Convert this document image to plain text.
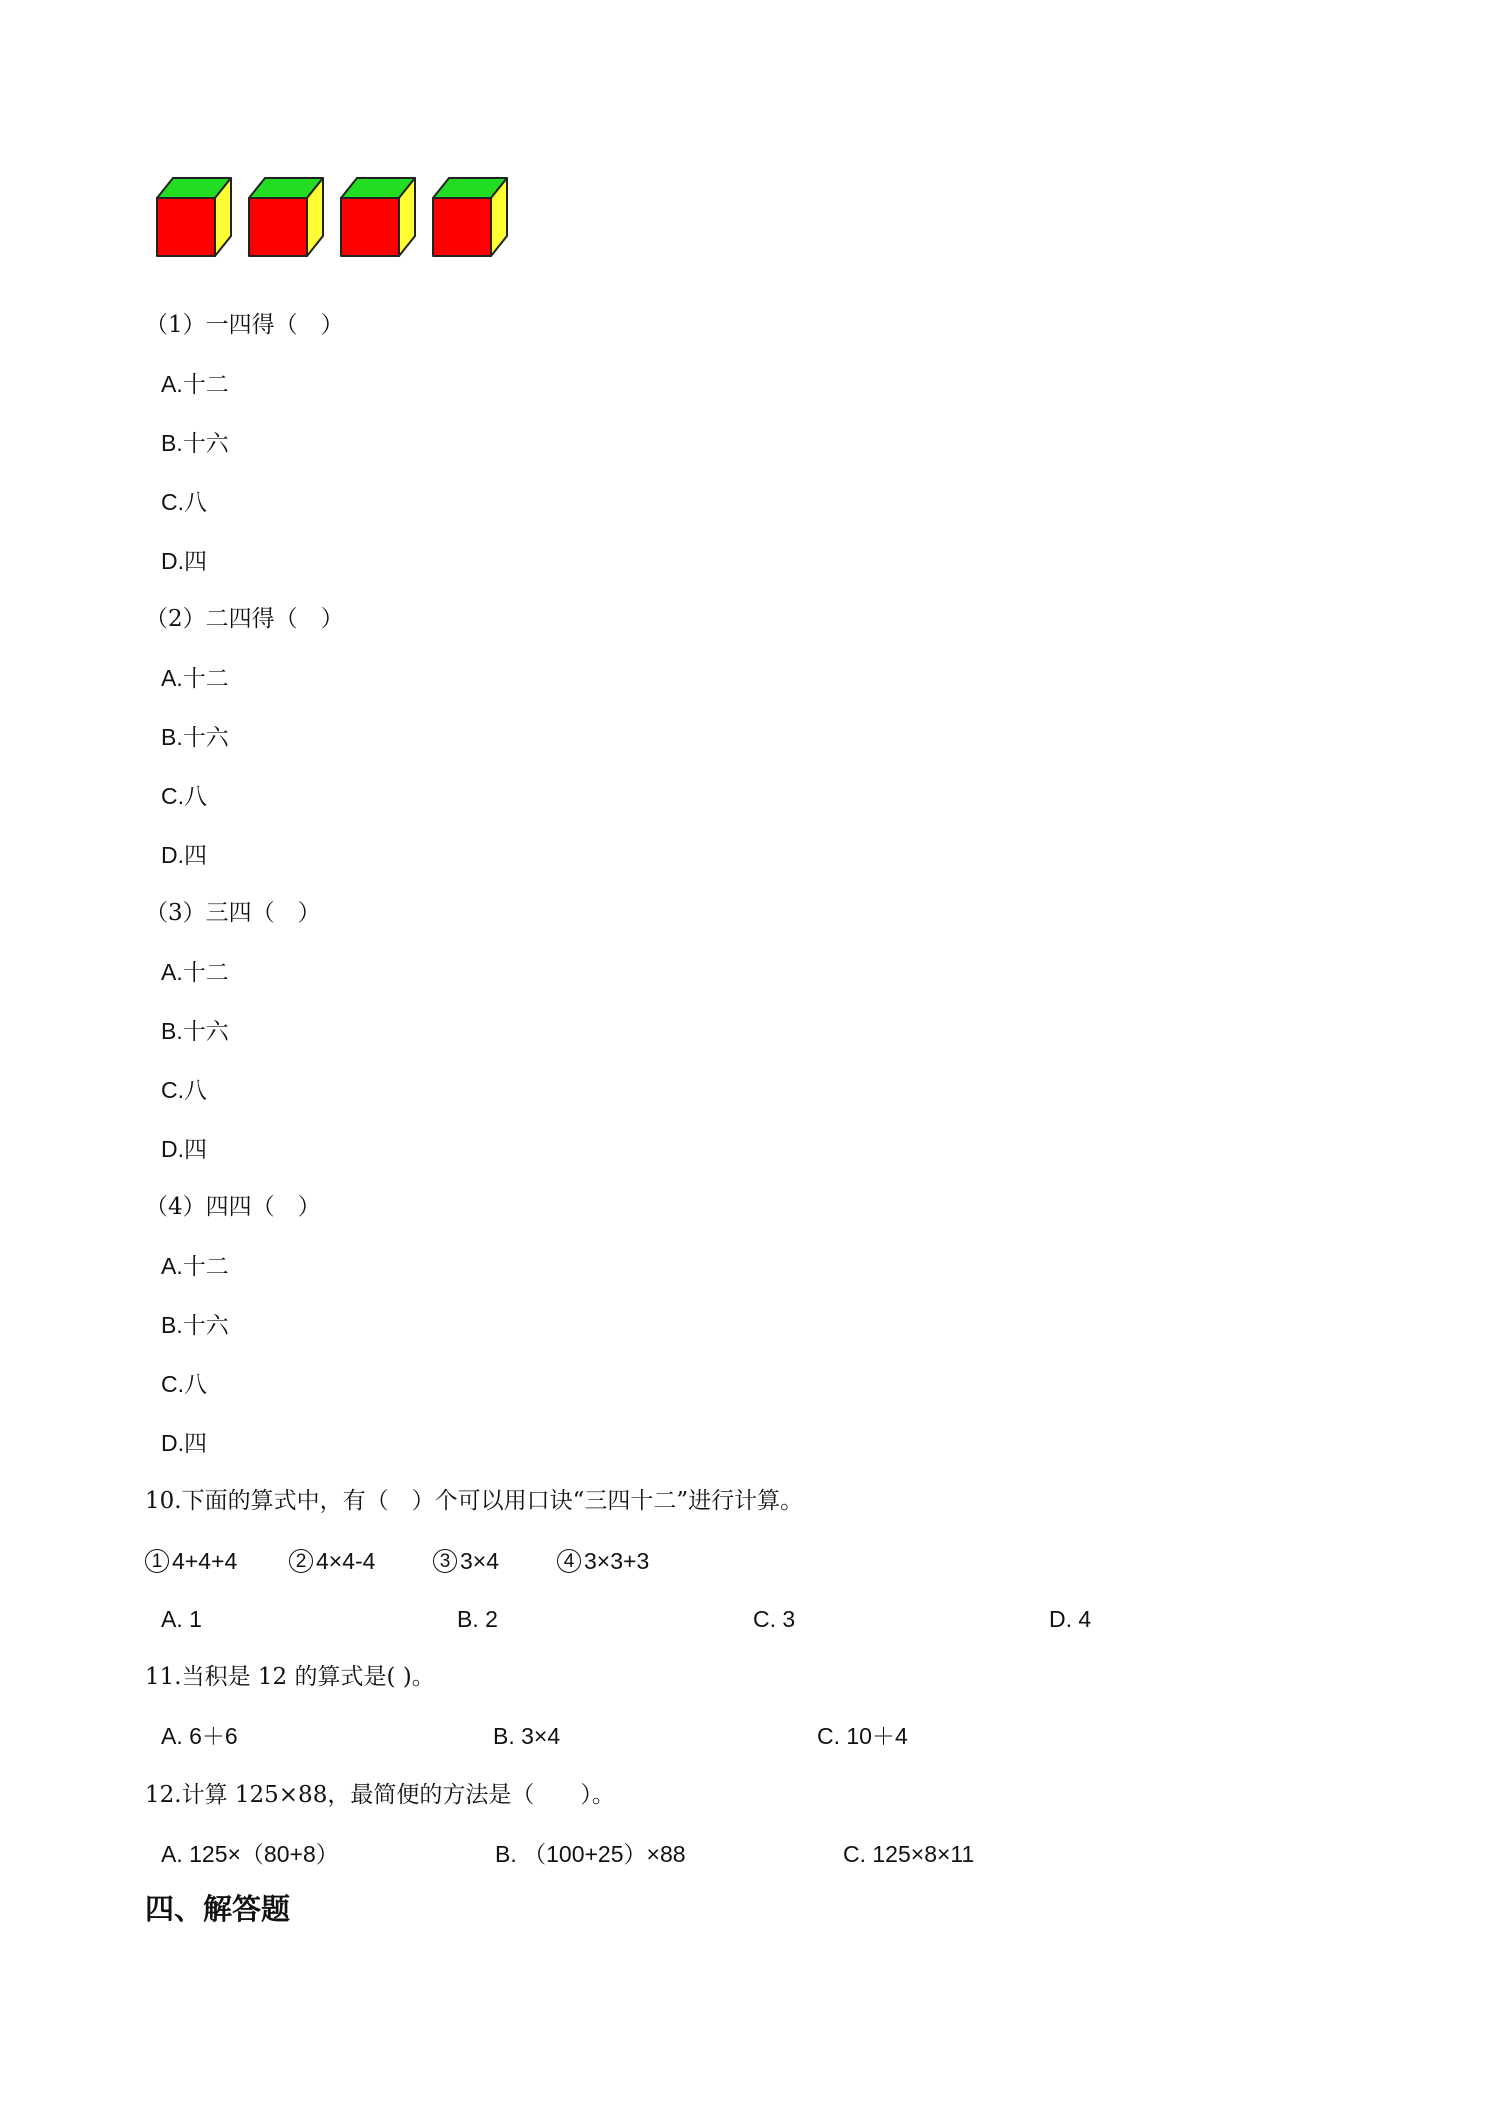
（1）一四得（　）
A.十二
B.十六
C.八
D.四
（2）二四得（　）
A.十二
B.十六
C.八
D.四
（3）三四（　）
A.十二
B.十六
C.八
D.四
（4）四四（　）
A.十二
B.十六
C.八
D.四
10.下面的算式中，有（　）个可以用口诀“三四十二”进行计算。
1 4+4+4	2 4×4-4	3 3×4	4 3×3+3
A. 1	B. 2	C. 3	D. 4
11.当积是 12 的算式是( )。
A. 6＋6	B. 3×4	C. 10＋4
12.计算 125×88，最简便的方法是（　　）。
A. 125×（80+8）	B. （100+25）×88	C. 125×8×11
四、解答题
